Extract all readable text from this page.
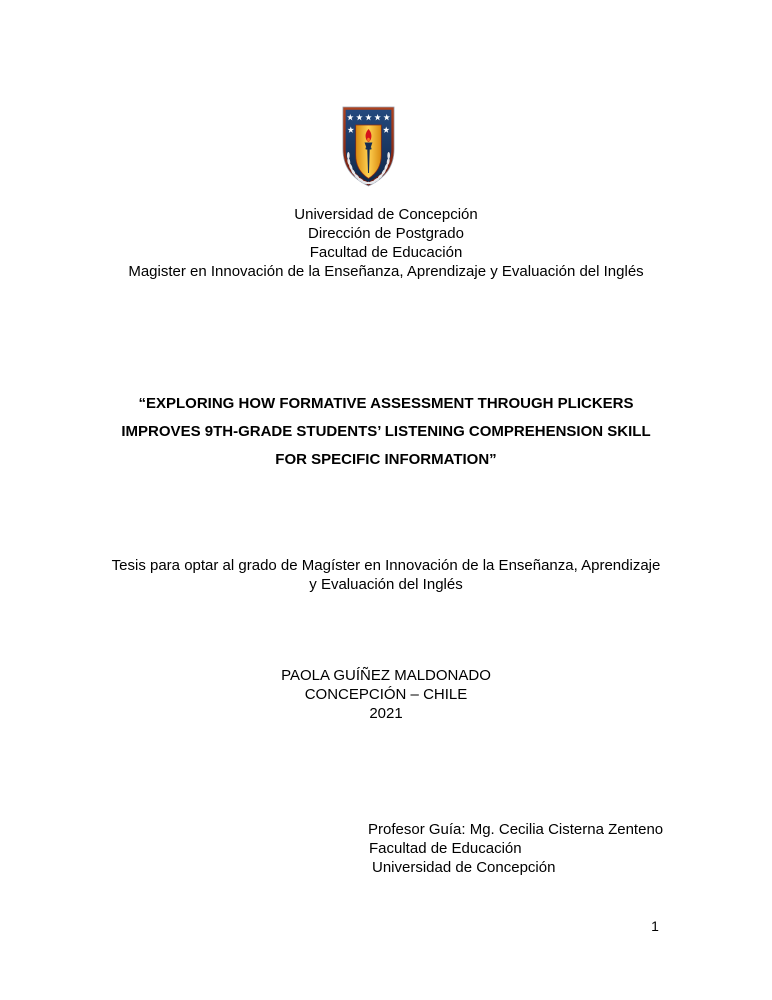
Universidad de Concepción
Dirección de Postgrado
Facultad de Educación
Magister en Innovación de la Enseñanza, Aprendizaje y Evaluación del Inglés
“EXPLORING HOW FORMATIVE ASSESSMENT THROUGH PLICKERS
IMPROVES 9TH-GRADE STUDENTS’ LISTENING COMPREHENSION SKILL
FOR SPECIFIC INFORMATION”
Tesis para optar al grado de Magíster en Innovación de la Enseñanza, Aprendizaje
y Evaluación del Inglés
PAOLA GUÍÑEZ MALDONADO
CONCEPCIÓN – CHILE
2021
Profesor Guía: Mg. Cecilia Cisterna Zenteno
Facultad de Educación
Universidad de Concepción
1
